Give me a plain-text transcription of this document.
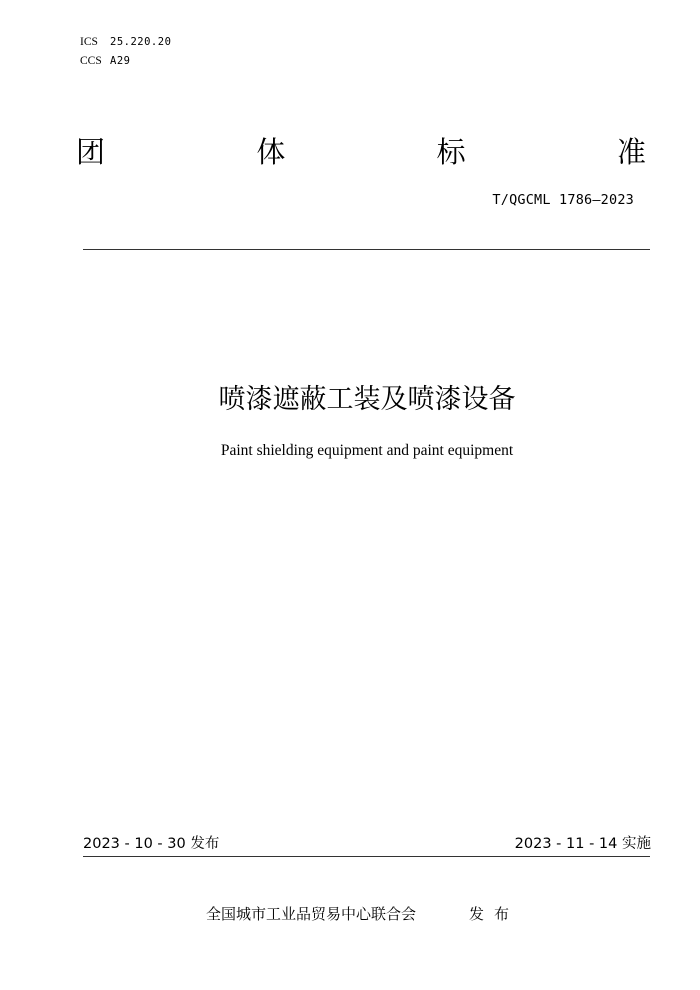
ICS	25.220.20
CCS A29
团	体	标	准
T/QGCML 1786—2023
喷漆遮蔽工装及喷漆设备
Paint shielding equipment and paint equipment
2023 - 10 - 30 发布	2023 - 11 - 14 实施
全国城市工业品贸易中心联合会	发布
